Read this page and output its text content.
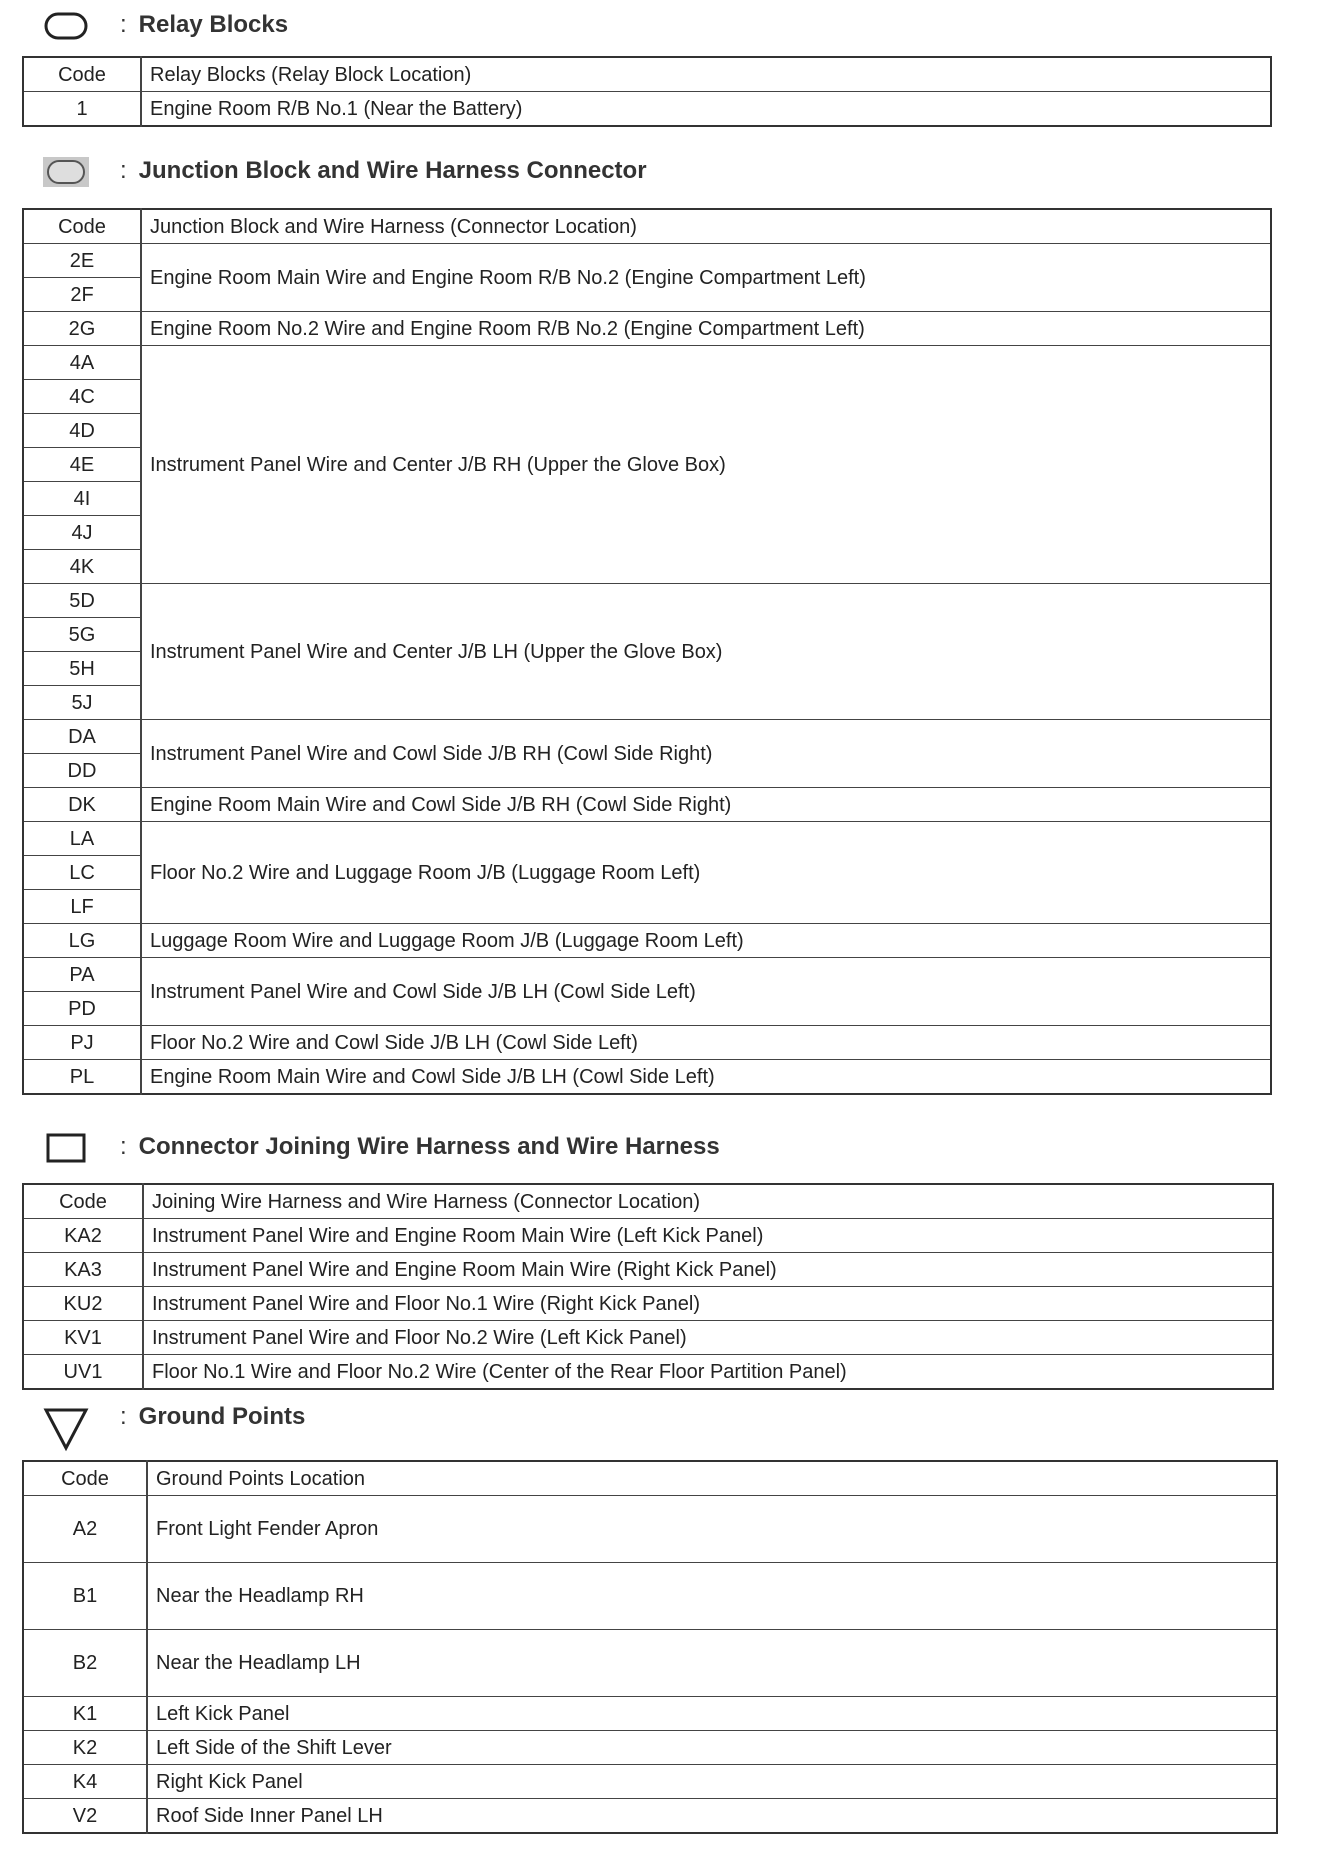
: Relay Blocks
Code	Relay Blocks (Relay Block Location)
1	Engine Room R/B No.1 (Near the Battery)
: Junction Block and Wire Harness Connector
Code	Junction Block and Wire Harness (Connector Location)
2E	Engine Room Main Wire and Engine Room R/B No.2 (Engine Compartment Left)
2F	
2G	Engine Room No.2 Wire and Engine Room R/B No.2 (Engine Compartment Left)
4A	Instrument Panel Wire and Center J/B RH (Upper the Glove Box)
4C	
4D	
4E	
4I	
4J	
4K	
5D	Instrument Panel Wire and Center J/B LH (Upper the Glove Box)
5G	
5H	
5J	
DA	Instrument Panel Wire and Cowl Side J/B RH (Cowl Side Right)
DD	
DK	Engine Room Main Wire and Cowl Side J/B RH (Cowl Side Right)
LA	Floor No.2 Wire and Luggage Room J/B (Luggage Room Left)
LC	
LF	
LG	Luggage Room Wire and Luggage Room J/B (Luggage Room Left)
PA	Instrument Panel Wire and Cowl Side J/B LH (Cowl Side Left)
PD	
PJ	Floor No.2 Wire and Cowl Side J/B LH (Cowl Side Left)
PL	Engine Room Main Wire and Cowl Side J/B LH (Cowl Side Left)
: Connector Joining Wire Harness and Wire Harness
Code	Joining Wire Harness and Wire Harness (Connector Location)
KA2	Instrument Panel Wire and Engine Room Main Wire (Left Kick Panel)
KA3	Instrument Panel Wire and Engine Room Main Wire (Right Kick Panel)
KU2	Instrument Panel Wire and Floor No.1 Wire (Right Kick Panel)
KV1	Instrument Panel Wire and Floor No.2 Wire (Left Kick Panel)
UV1	Floor No.1 Wire and Floor No.2 Wire (Center of the Rear Floor Partition Panel)
: Ground Points
Code	Ground Points Location
A2	Front Light Fender Apron
B1	Near the Headlamp RH
B2	Near the Headlamp LH
K1	Left Kick Panel
K2	Left Side of the Shift Lever
K4	Right Kick Panel
V2	Roof Side Inner Panel LH
